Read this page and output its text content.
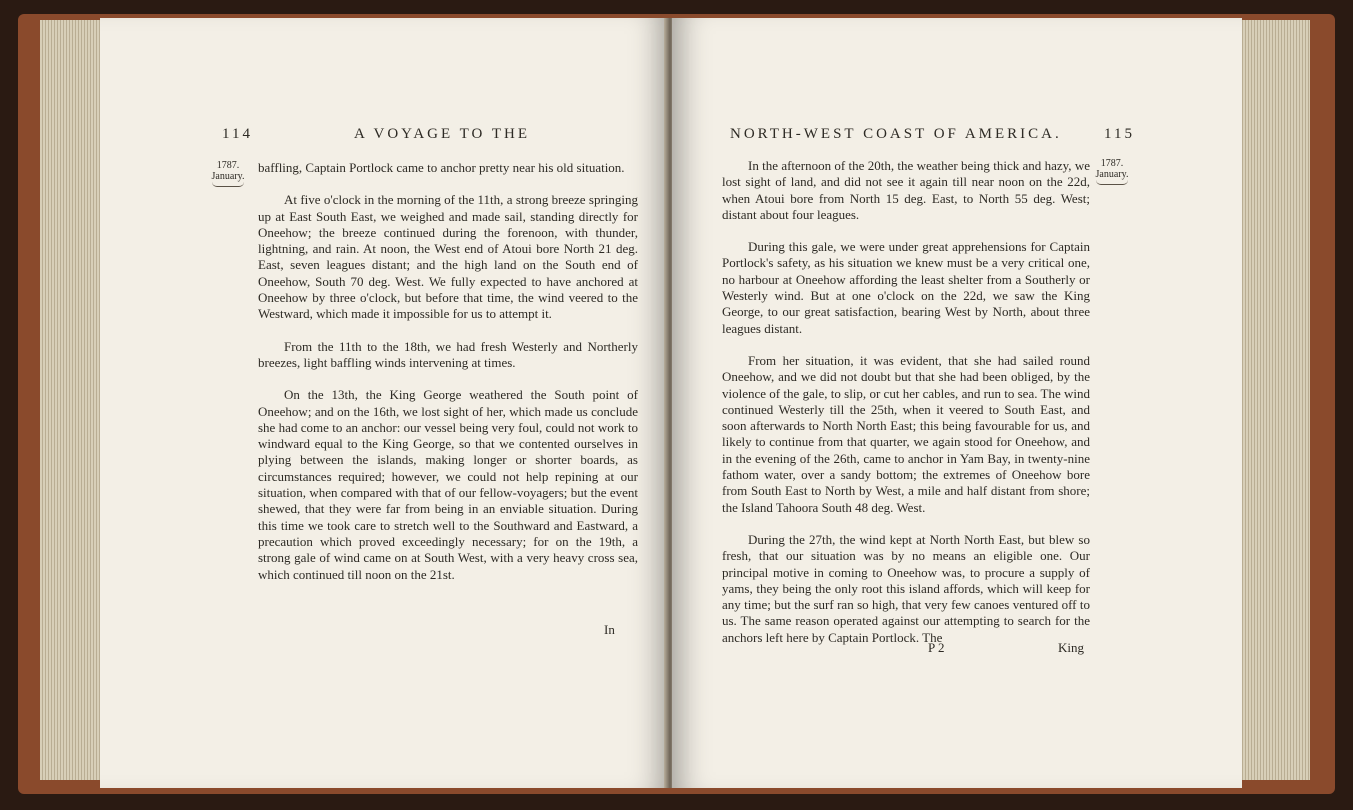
114	A VOYAGE TO THE
1787.
January.

baffling, Captain Portlock came to anchor pretty near his old situation.

At five o'clock in the morning of the 11th, a strong breeze springing up at East South East, we weighed and made sail, standing directly for Oneehow; the breeze continued during the forenoon, with thunder, lightning, and rain. At noon, the West end of Atoui bore North 21 deg. East, seven leagues distant; and the high land on the South end of Oneehow, South 70 deg. West. We fully expected to have anchored at Oneehow by three o'clock, but before that time, the wind veered to the Westward, which made it impossible for us to attempt it.

From the 11th to the 18th, we had fresh Westerly and Northerly breezes, light baffling winds intervening at times.

On the 13th, the King George weathered the South point of Oneehow; and on the 16th, we lost sight of her, which made us conclude she had come to an anchor: our vessel being very foul, could not work to windward equal to the King George, so that we contented ourselves in plying between the islands, making longer or shorter boards, as circumstances required; however, we could not help repining at our situation, when compared with that of our fellow-voyagers; but the event shewed, that they were far from being in an enviable situation. During this time we took care to stretch well to the Southward and Eastward, a precaution which proved exceedingly necessary; for on the 19th, a strong gale of wind came on at South West, with a very heavy cross sea, which continued till noon on the 21st.

In
NORTH-WEST COAST OF AMERICA.	115

In the afternoon of the 20th, the weather being thick and hazy, we lost sight of land, and did not see it again till near noon on the 22d, when Atoui bore from North 15 deg. East, to North 55 deg. West; distant about four leagues.

During this gale, we were under great apprehensions for Captain Portlock's safety, as his situation we knew must be a very critical one, no harbour at Oneehow affording the least shelter from a Southerly or Westerly wind. But at one o'clock on the 22d, we saw the King George, to our great satisfaction, bearing West by North, about three leagues distant.

From her situation, it was evident, that she had sailed round Oneehow, and we did not doubt but that she had been obliged, by the violence of the gale, to slip, or cut her cables, and run to sea. The wind continued Westerly till the 25th, when it veered to South East, and soon afterwards to North North East; this being favourable for us, and likely to continue from that quarter, we again stood for Oneehow, and in the evening of the 26th, came to anchor in Yam Bay, in twenty-nine fathom water, over a sandy bottom; the extremes of Oneehow bore from South East to North by West, a mile and half distant from shore; the Island Tahoora South 48 deg. West.

During the 27th, the wind kept at North North East, but blew so fresh, that our situation was by no means an eligible one. Our principal motive in coming to Oneehow was, to procure a supply of yams, they being the only root this island affords, which will keep for any time; but the surf ran so high, that very few canoes ventured off to us. The same reason operated against our attempting to search for the anchors left here by Captain Portlock. The

1787.
January.
P 2	King
